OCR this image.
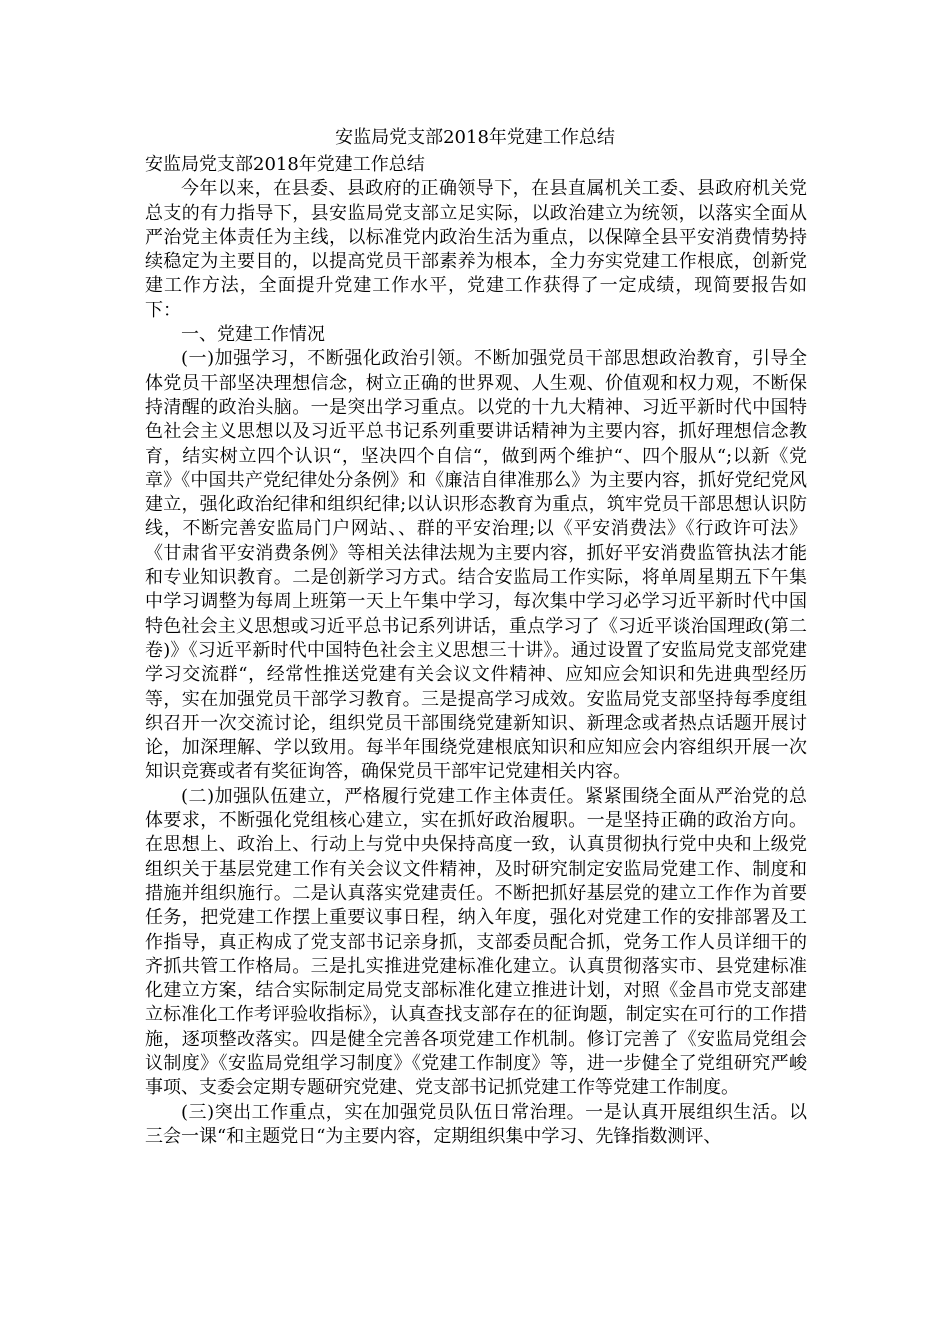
安监局党支部2018年党建工作总结

安监局党支部2018年党建工作总结

今年以来，在县委、县政府的正确领导下，在县直属机关工委、县政府机关党总支的有力指导下，县安监局党支部立足实际，以政治建立为统领，以落实全面从严治党主体责任为主线，以标准党内政治生活为重点，以保障全县平安消费情势持续稳定为主要目的，以提高党员干部素养为根本，全力夯实党建工作根底，创新党建工作方法，全面提升党建工作水平，党建工作获得了一定成绩，现简要报告如下：

一、党建工作情况

(一)加强学习，不断强化政治引领。不断加强党员干部思想政治教育，引导全体党员干部坚决理想信念，树立正确的世界观、人生观、价值观和权力观，不断保持清醒的政治头脑。一是突出学习重点。以党的十九大精神、习近平新时代中国特色社会主义思想以及习近平总书记系列重要讲话精神为主要内容，抓好理想信念教育，结实树立四个认识“，坚决四个自信“，做到两个维护“、四个服从“;以新《党章》《中国共产党纪律处分条例》和《廉洁自律准那么》为主要内容，抓好党纪党风建立，强化政治纪律和组织纪律;以认识形态教育为重点，筑牢党员干部思想认识防线，不断完善安监局门户网站、、群的平安治理;以《平安消费法》《行政许可法》《甘肃省平安消费条例》等相关法律法规为主要内容，抓好平安消费监管执法才能和专业知识教育。二是创新学习方式。结合安监局工作实际，将单周星期五下午集中学习调整为每周上班第一天上午集中学习，每次集中学习必学习近平新时代中国特色社会主义思想或习近平总书记系列讲话，重点学习了《习近平谈治国理政(第二卷)》《习近平新时代中国特色社会主义思想三十讲》。通过设置了安监局党支部党建学习交流群“，经常性推送党建有关会议文件精神、应知应会知识和先进典型经历等，实在加强党员干部学习教育。三是提高学习成效。安监局党支部坚持每季度组织召开一次交流讨论，组织党员干部围绕党建新知识、新理念或者热点话题开展讨论，加深理解、学以致用。每半年围绕党建根底知识和应知应会内容组织开展一次知识竞赛或者有奖征询答，确保党员干部牢记党建相关内容。

(二)加强队伍建立，严格履行党建工作主体责任。紧紧围绕全面从严治党的总体要求，不断强化党组核心建立，实在抓好政治履职。一是坚持正确的政治方向。在思想上、政治上、行动上与党中央保持高度一致，认真贯彻执行党中央和上级党组织关于基层党建工作有关会议文件精神，及时研究制定安监局党建工作、制度和措施并组织施行。二是认真落实党建责任。不断把抓好基层党的建立工作作为首要任务，把党建工作摆上重要议事日程，纳入年度，强化对党建工作的安排部署及工作指导，真正构成了党支部书记亲身抓，支部委员配合抓，党务工作人员详细干的齐抓共管工作格局。三是扎实推进党建标准化建立。认真贯彻落实市、县党建标准化建立方案，结合实际制定局党支部标准化建立推进计划，对照《金昌市党支部建立标准化工作考评验收指标》，认真查找支部存在的征询题，制定实在可行的工作措施，逐项整改落实。四是健全完善各项党建工作机制。修订完善了《安监局党组会议制度》《安监局党组学习制度》《党建工作制度》等，进一步健全了党组研究严峻事项、支委会定期专题研究党建、党支部书记抓党建工作等党建工作制度。

(三)突出工作重点，实在加强党员队伍日常治理。一是认真开展组织生活。以三会一课“和主题党日“为主要内容，定期组织集中学习、先锋指数测评、
